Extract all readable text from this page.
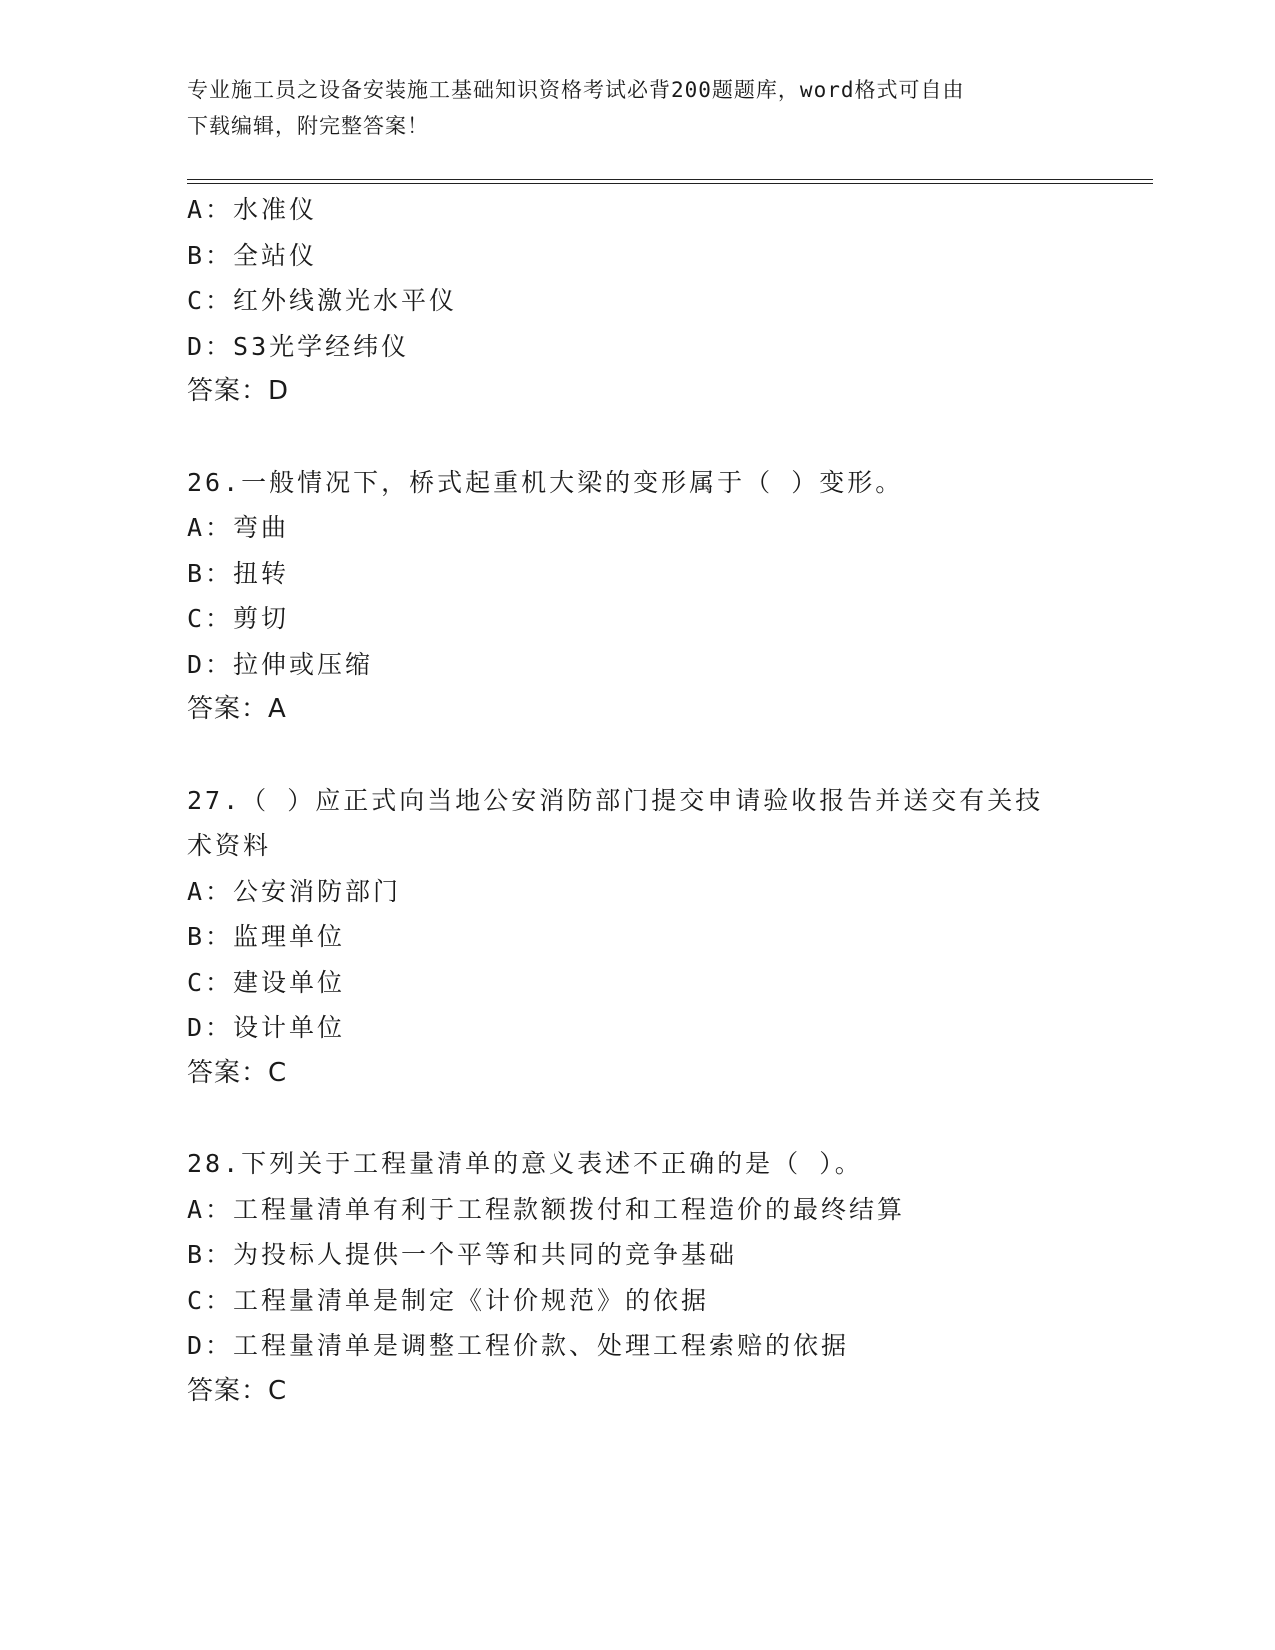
专业施工员之设备安装施工基础知识资格考试必背200题题库，word格式可自由
下载编辑，附完整答案！
A：水准仪
B：全站仪
C：红外线激光水平仪
D：S3光学经纬仪
答案：D
26.一般情况下，桥式起重机大梁的变形属于（ ）变形。
A：弯曲
B：扭转
C：剪切
D：拉伸或压缩
答案：A
27.（ ）应正式向当地公安消防部门提交申请验收报告并送交有关技
术资料
A：公安消防部门
B：监理单位
C：建设单位
D：设计单位
答案：C
28.下列关于工程量清单的意义表述不正确的是（ ）。
A：工程量清单有利于工程款额拨付和工程造价的最终结算
B：为投标人提供一个平等和共同的竞争基础
C：工程量清单是制定《计价规范》的依据
D：工程量清单是调整工程价款、处理工程索赔的依据
答案：C
